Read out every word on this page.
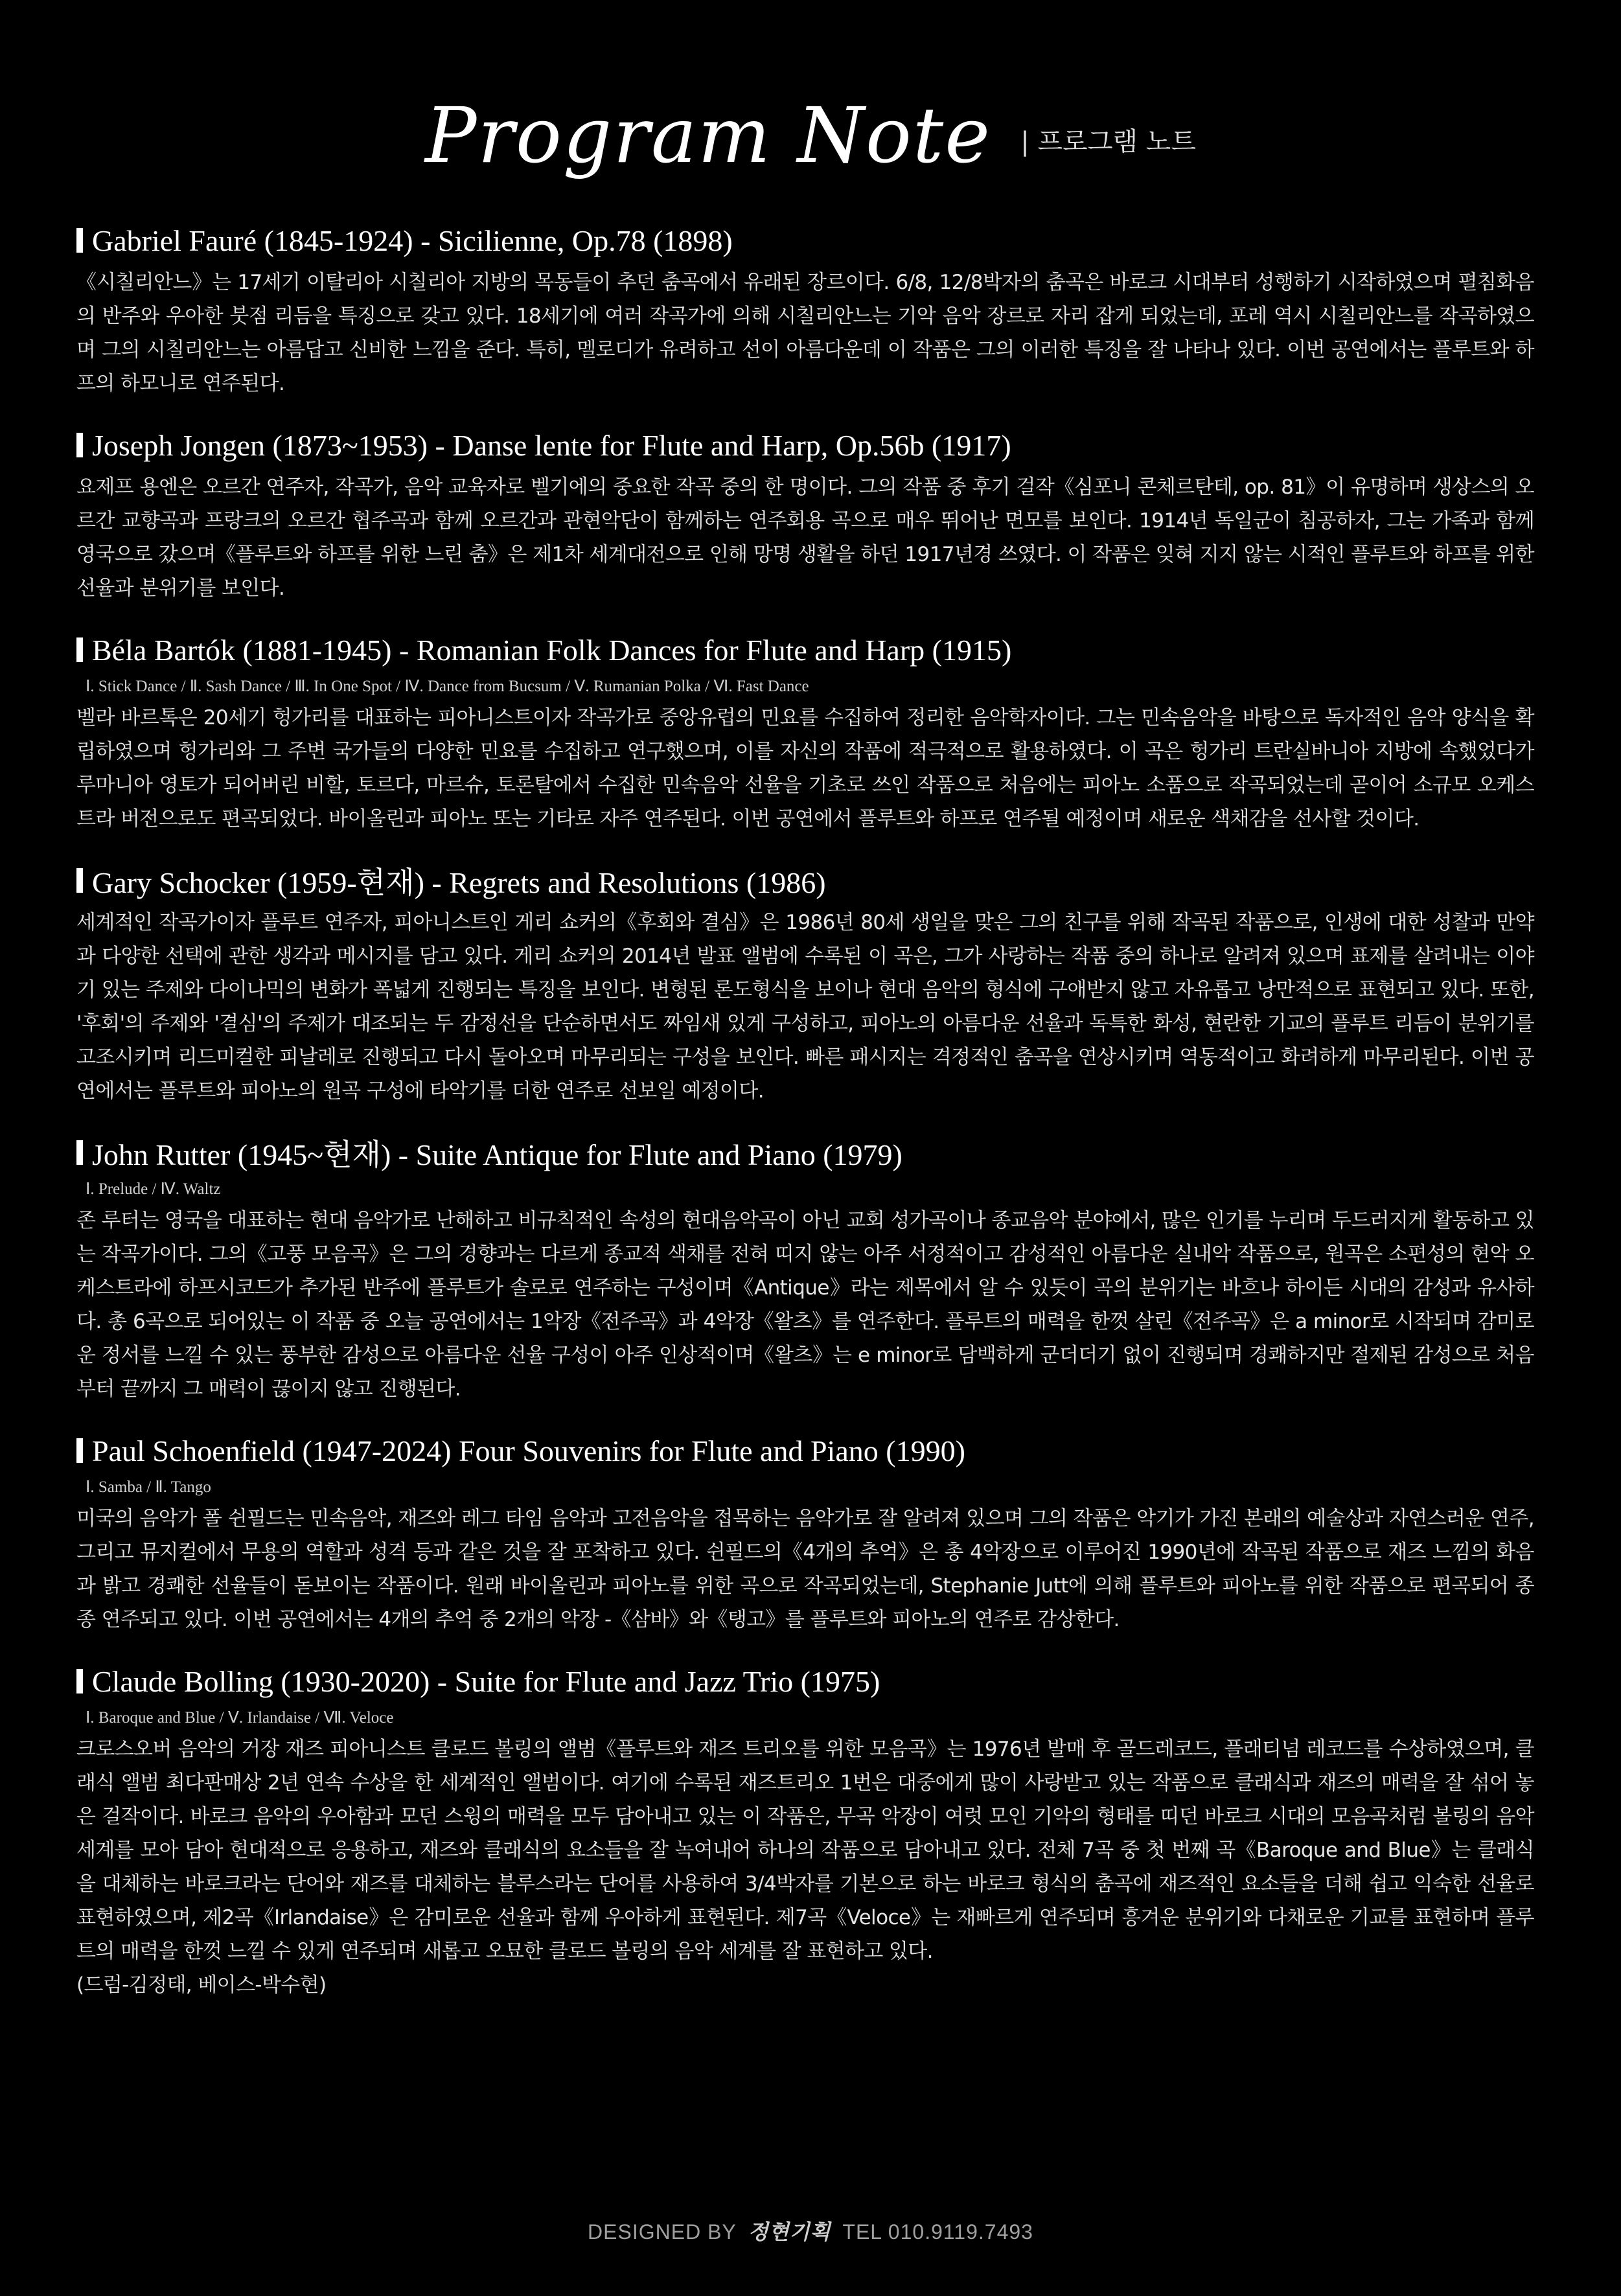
Program Note | 프로그램 노트
Gabriel Fauré (1845-1924) - Sicilienne, Op.78 (1898)
《시칠리안느》는 17세기 이탈리아 시칠리아 지방의 목동들이 추던 춤곡에서 유래된 장르이다. 6/8, 12/8박자의 춤곡은 바로크 시대부터 성행하기 시작하였으며 펼침화음의 반주와 우아한 붓점 리듬을 특징으로 갖고 있다. 18세기에 여러 작곡가에 의해 시칠리안느는 기악 음악 장르로 자리 잡게 되었는데, 포레 역시 시칠리안느를 작곡하였으며 그의 시칠리안느는 아름답고 신비한 느낌을 준다. 특히, 멜로디가 유려하고 선이 아름다운데 이 작품은 그의 이러한 특징을 잘 나타나 있다. 이번 공연에서는 플루트와 하프의 하모니로 연주된다.
Joseph Jongen (1873~1953) - Danse lente for Flute and Harp, Op.56b (1917)
요제프 용엔은 오르간 연주자, 작곡가, 음악 교육자로 벨기에의 중요한 작곡 중의 한 명이다. 그의 작품 중 후기 걸작《심포니 콘체르탄테, op. 81》이 유명하며 생상스의 오르간 교향곡과 프랑크의 오르간 협주곡과 함께 오르간과 관현악단이 함께하는 연주회용 곡으로 매우 뛰어난 면모를 보인다. 1914년 독일군이 침공하자, 그는 가족과 함께 영국으로 갔으며《플루트와 하프를 위한 느린 춤》은 제1차 세계대전으로 인해 망명 생활을 하던 1917년경 쓰였다. 이 작품은 잊혀 지지 않는 시적인 플루트와 하프를 위한 선율과 분위기를 보인다.
Béla Bartók (1881-1945) - Romanian Folk Dances for Flute and Harp (1915)
Ⅰ. Stick Dance / Ⅱ. Sash Dance / Ⅲ. In One Spot / Ⅳ. Dance from Bucsum / Ⅴ. Rumanian Polka / Ⅵ. Fast Dance
벨라 바르톡은 20세기 헝가리를 대표하는 피아니스트이자 작곡가로 중앙유럽의 민요를 수집하여 정리한 음악학자이다. 그는 민속음악을 바탕으로 독자적인 음악 양식을 확립하였으며 헝가리와 그 주변 국가들의 다양한 민요를 수집하고 연구했으며, 이를 자신의 작품에 적극적으로 활용하였다. 이 곡은 헝가리 트란실바니아 지방에 속했었다가 루마니아 영토가 되어버린 비할, 토르다, 마르슈, 토론탈에서 수집한 민속음악 선율을 기초로 쓰인 작품으로 처음에는 피아노 소품으로 작곡되었는데 곧이어 소규모 오케스트라 버전으로도 편곡되었다. 바이올린과 피아노 또는 기타로 자주 연주된다. 이번 공연에서 플루트와 하프로 연주될 예정이며 새로운 색채감을 선사할 것이다.
Gary Schocker (1959-현재) - Regrets and Resolutions (1986)
세계적인 작곡가이자 플루트 연주자, 피아니스트인 게리 쇼커의《후회와 결심》은 1986년 80세 생일을 맞은 그의 친구를 위해 작곡된 작품으로, 인생에 대한 성찰과 만약과 다양한 선택에 관한 생각과 메시지를 담고 있다. 게리 쇼커의 2014년 발표 앨범에 수록된 이 곡은, 그가 사랑하는 작품 중의 하나로 알려져 있으며 표제를 살려내는 이야기 있는 주제와 다이나믹의 변화가 폭넓게 진행되는 특징을 보인다. 변형된 론도형식을 보이나 현대 음악의 형식에 구애받지 않고 자유롭고 낭만적으로 표현되고 있다. 또한, '후회'의 주제와 '결심'의 주제가 대조되는 두 감정선을 단순하면서도 짜임새 있게 구성하고, 피아노의 아름다운 선율과 독특한 화성, 현란한 기교의 플루트 리듬이 분위기를 고조시키며 리드미컬한 피날레로 진행되고 다시 돌아오며 마무리되는 구성을 보인다. 빠른 패시지는 격정적인 춤곡을 연상시키며 역동적이고 화려하게 마무리된다. 이번 공연에서는 플루트와 피아노의 원곡 구성에 타악기를 더한 연주로 선보일 예정이다.
John Rutter (1945~현재) - Suite Antique for Flute and Piano (1979)
Ⅰ. Prelude / Ⅳ. Waltz
존 루터는 영국을 대표하는 현대 음악가로 난해하고 비규칙적인 속성의 현대음악곡이 아닌 교회 성가곡이나 종교음악 분야에서, 많은 인기를 누리며 두드러지게 활동하고 있는 작곡가이다. 그의《고풍 모음곡》은 그의 경향과는 다르게 종교적 색채를 전혀 띠지 않는 아주 서정적이고 감성적인 아름다운 실내악 작품으로, 원곡은 소편성의 현악 오케스트라에 하프시코드가 추가된 반주에 플루트가 솔로로 연주하는 구성이며《Antique》라는 제목에서 알 수 있듯이 곡의 분위기는 바흐나 하이든 시대의 감성과 유사하다. 총 6곡으로 되어있는 이 작품 중 오늘 공연에서는 1악장《전주곡》과 4악장《왈츠》를 연주한다. 플루트의 매력을 한껏 살린《전주곡》은 a minor로 시작되며 감미로운 정서를 느낄 수 있는 풍부한 감성으로 아름다운 선율 구성이 아주 인상적이며《왈츠》는 e minor로 담백하게 군더더기 없이 진행되며 경쾌하지만 절제된 감성으로 처음부터 끝까지 그 매력이 끊이지 않고 진행된다.
Paul Schoenfield (1947-2024) Four Souvenirs for Flute and Piano (1990)
Ⅰ. Samba / Ⅱ. Tango
미국의 음악가 폴 쉰필드는 민속음악, 재즈와 레그 타임 음악과 고전음악을 접목하는 음악가로 잘 알려져 있으며 그의 작품은 악기가 가진 본래의 예술상과 자연스러운 연주, 그리고 뮤지컬에서 무용의 역할과 성격 등과 같은 것을 잘 포착하고 있다. 쉰필드의《4개의 추억》은 총 4악장으로 이루어진 1990년에 작곡된 작품으로 재즈 느낌의 화음과 밝고 경쾌한 선율들이 돋보이는 작품이다. 원래 바이올린과 피아노를 위한 곡으로 작곡되었는데, Stephanie Jutt에 의해 플루트와 피아노를 위한 작품으로 편곡되어 종종 연주되고 있다. 이번 공연에서는 4개의 추억 중 2개의 악장 -《삼바》와《탱고》를 플루트와 피아노의 연주로 감상한다.
Claude Bolling (1930-2020) - Suite for Flute and Jazz Trio (1975)
Ⅰ. Baroque and Blue / Ⅴ. Irlandaise / Ⅶ. Veloce
크로스오버 음악의 거장 재즈 피아니스트 클로드 볼링의 앨범《플루트와 재즈 트리오를 위한 모음곡》는 1976년 발매 후 골드레코드, 플래티넘 레코드를 수상하였으며, 클래식 앨범 최다판매상 2년 연속 수상을 한 세계적인 앨범이다. 여기에 수록된 재즈트리오 1번은 대중에게 많이 사랑받고 있는 작품으로 클래식과 재즈의 매력을 잘 섞어 놓은 걸작이다. 바로크 음악의 우아함과 모던 스윙의 매력을 모두 담아내고 있는 이 작품은, 무곡 악장이 여럿 모인 기악의 형태를 띠던 바로크 시대의 모음곡처럼 볼링의 음악 세계를 모아 담아 현대적으로 응용하고, 재즈와 클래식의 요소들을 잘 녹여내어 하나의 작품으로 담아내고 있다. 전체 7곡 중 첫 번째 곡《Baroque and Blue》는 클래식을 대체하는 바로크라는 단어와 재즈를 대체하는 블루스라는 단어를 사용하여 3/4박자를 기본으로 하는 바로크 형식의 춤곡에 재즈적인 요소들을 더해 쉽고 익숙한 선율로 표현하였으며, 제2곡《Irlandaise》은 감미로운 선율과 함께 우아하게 표현된다. 제7곡《Veloce》는 재빠르게 연주되며 흥겨운 분위기와 다채로운 기교를 표현하며 플루트의 매력을 한껏 느낄 수 있게 연주되며 새롭고 오묘한 클로드 볼링의 음악 세계를 잘 표현하고 있다.
(드럼-김정태, 베이스-박수현)
DESIGNED BY 정현기획 TEL 010.9119.7493
